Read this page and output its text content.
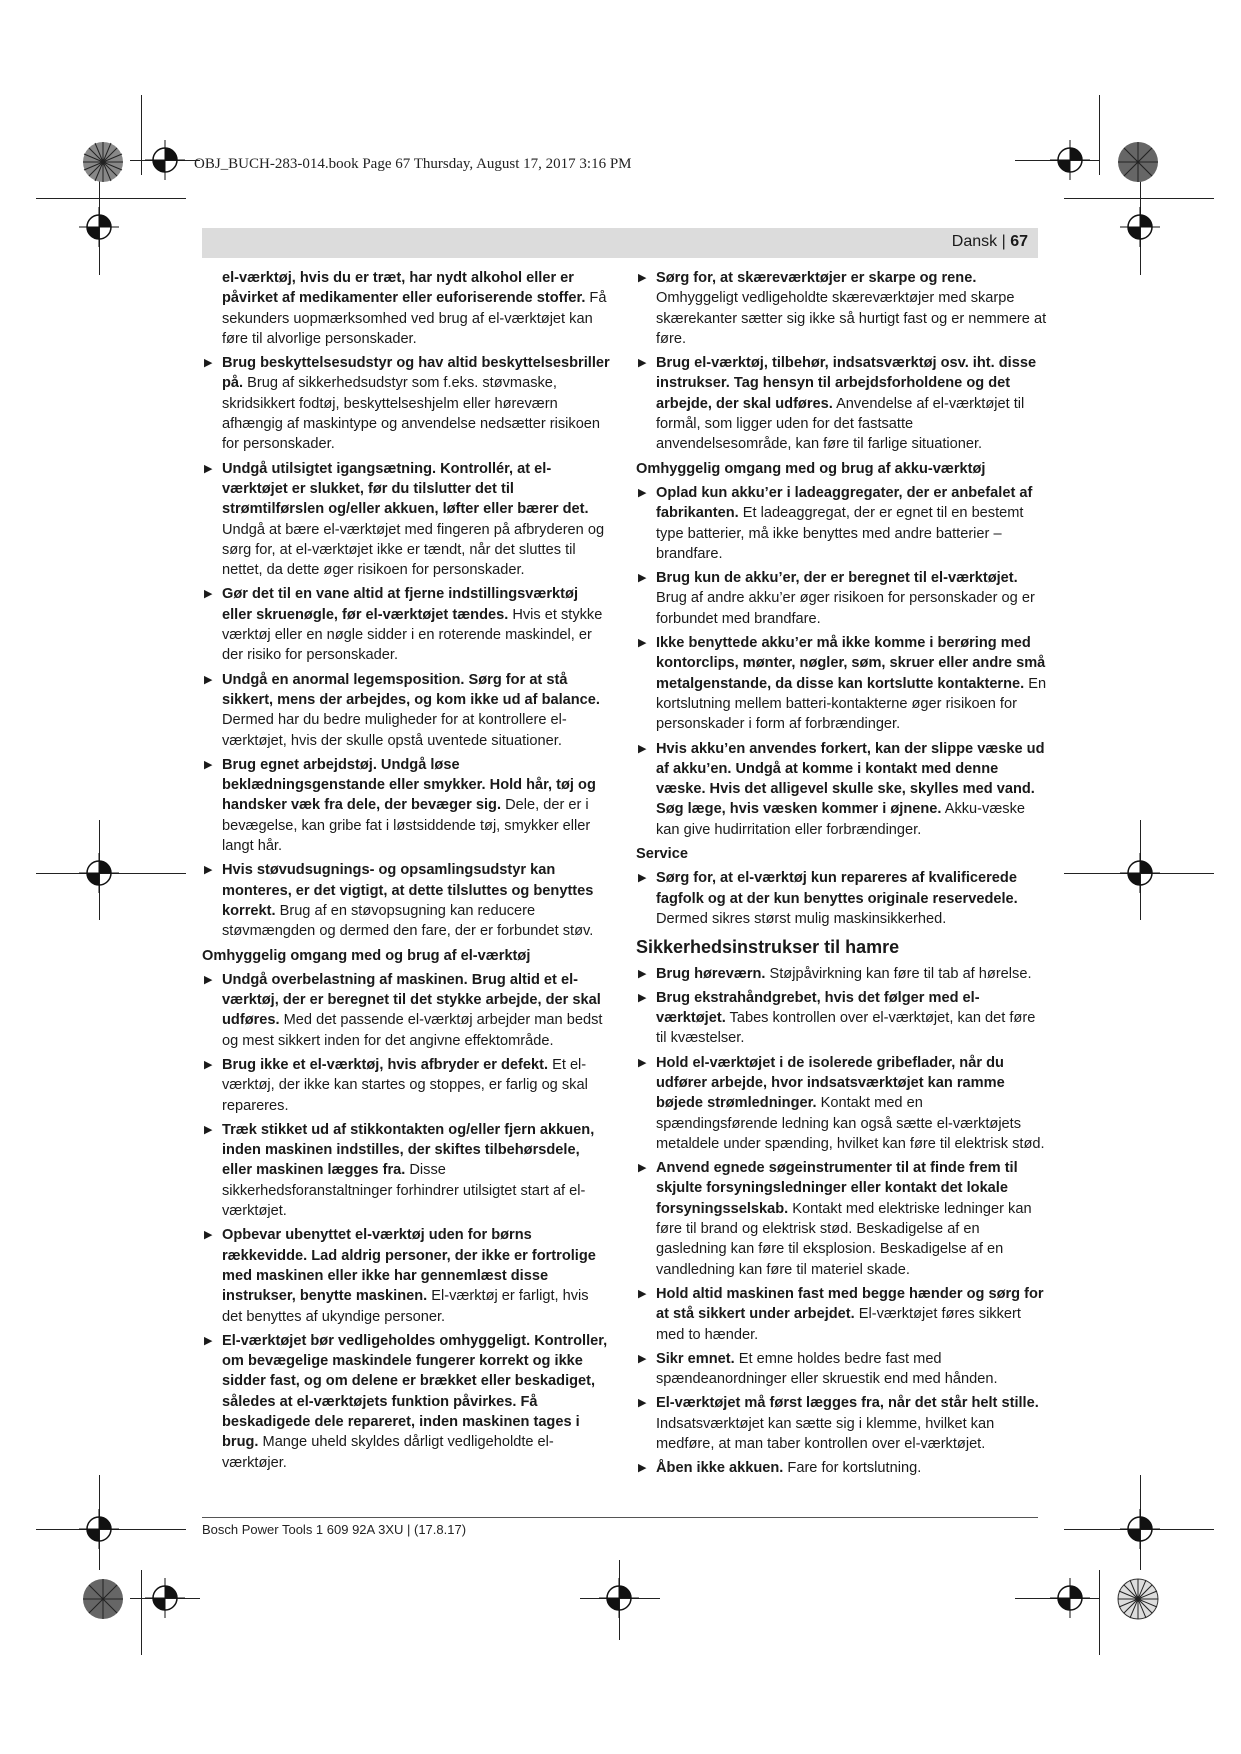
OBJ_BUCH-283-014.book Page 67 Thursday, August 17, 2017 3:16 PM
Dansk | 67
el-værktøj, hvis du er træt, har nydt alkohol eller er påvirket af medikamenter eller euforiserende stoffer. Få sekunders uopmærksomhed ved brug af el-værktøjet kan føre til alvorlige personskader.
▶ Brug beskyttelsesudstyr og hav altid beskyttelsesbriller på. Brug af sikkerhedsudstyr som f.eks. støvmaske, skridsikkert fodtøj, beskyttelseshjelm eller høreværn afhængig af maskintype og anvendelse nedsætter risikoen for personskader.
▶ Undgå utilsigtet igangsætning. Kontrollér, at el-værktøjet er slukket, før du tilslutter det til strømtilførslen og/eller akkuen, løfter eller bærer det. Undgå at bære el-værktøjet med fingeren på afbryderen og sørg for, at el-værktøjet ikke er tændt, når det sluttes til nettet, da dette øger risikoen for personskader.
▶ Gør det til en vane altid at fjerne indstillingsværktøj eller skruenøgle, før el-værktøjet tændes. Hvis et stykke værktøj eller en nøgle sidder i en roterende maskindel, er der risiko for personskader.
▶ Undgå en anormal legemsposition. Sørg for at stå sikkert, mens der arbejdes, og kom ikke ud af balance. Dermed har du bedre muligheder for at kontrollere el-værktøjet, hvis der skulle opstå uventede situationer.
▶ Brug egnet arbejdstøj. Undgå løse beklædningsgenstande eller smykker. Hold hår, tøj og handsker væk fra dele, der bevæger sig. Dele, der er i bevægelse, kan gribe fat i løstsiddende tøj, smykker eller langt hår.
▶ Hvis støvudsugnings- og opsamlingsudstyr kan monteres, er det vigtigt, at dette tilsluttes og benyttes korrekt. Brug af en støvopsugning kan reducere støvmængden og dermed den fare, der er forbundet støv.
Omhyggelig omgang med og brug af el-værktøj
▶ Undgå overbelastning af maskinen. Brug altid et el-værktøj, der er beregnet til det stykke arbejde, der skal udføres. Med det passende el-værktøj arbejder man bedst og mest sikkert inden for det angivne effektområde.
▶ Brug ikke et el-værktøj, hvis afbryder er defekt. Et el-værktøj, der ikke kan startes og stoppes, er farlig og skal repareres.
▶ Træk stikket ud af stikkontakten og/eller fjern akkuen, inden maskinen indstilles, der skiftes tilbehørsdele, eller maskinen lægges fra. Disse sikkerhedsforanstaltninger forhindrer utilsigtet start af el-værktøjet.
▶ Opbevar ubenyttet el-værktøj uden for børns rækkevidde. Lad aldrig personer, der ikke er fortrolige med maskinen eller ikke har gennemlæst disse instrukser, benytte maskinen. El-værktøj er farligt, hvis det benyttes af ukyndige personer.
▶ El-værktøjet bør vedligeholdes omhyggeligt. Kontroller, om bevægelige maskindele fungerer korrekt og ikke sidder fast, og om delene er brækket eller beskadiget, således at el-værktøjets funktion påvirkes. Få beskadigede dele repareret, inden maskinen tages i brug. Mange uheld skyldes dårligt vedligeholdte el-værktøjer.
▶ Sørg for, at skæreværktøjer er skarpe og rene. Omhyggeligt vedligeholdte skæreværktøjer med skarpe skærekanter sætter sig ikke så hurtigt fast og er nemmere at føre.
▶ Brug el-værktøj, tilbehør, indsatsværktøj osv. iht. disse instrukser. Tag hensyn til arbejdsforholdene og det arbejde, der skal udføres. Anvendelse af el-værktøjet til formål, som ligger uden for det fastsatte anvendelsesområde, kan føre til farlige situationer.
Omhyggelig omgang med og brug af akku-værktøj
▶ Oplad kun akku’er i ladeaggregater, der er anbefalet af fabrikanten. Et ladeaggregat, der er egnet til en bestemt type batterier, må ikke benyttes med andre batterier – brandfare.
▶ Brug kun de akku’er, der er beregnet til el-værktøjet. Brug af andre akku’er øger risikoen for personskader og er forbundet med brandfare.
▶ Ikke benyttede akku’er må ikke komme i berøring med kontorclips, mønter, nøgler, søm, skruer eller andre små metalgenstande, da disse kan kortslutte kontakterne. En kortslutning mellem batteri-kontakterne øger risikoen for personskader i form af forbrændinger.
▶ Hvis akku’en anvendes forkert, kan der slippe væske ud af akku’en. Undgå at komme i kontakt med denne væske. Hvis det alligevel skulle ske, skylles med vand. Søg læge, hvis væsken kommer i øjnene. Akku-væske kan give hudirritation eller forbrændinger.
Service
▶ Sørg for, at el-værktøj kun repareres af kvalificerede fagfolk og at der kun benyttes originale reservedele. Dermed sikres størst mulig maskinsikkerhed.
Sikkerhedsinstrukser til hamre
▶ Brug høreværn. Støjpåvirkning kan føre til tab af hørelse.
▶ Brug ekstrahåndgrebet, hvis det følger med el-værktøjet. Tabes kontrollen over el-værktøjet, kan det føre til kvæstelser.
▶ Hold el-værktøjet i de isolerede gribeflader, når du udfører arbejde, hvor indsatsværktøjet kan ramme bøjede strømledninger. Kontakt med en spændingsførende ledning kan også sætte el-værktøjets metaldele under spænding, hvilket kan føre til elektrisk stød.
▶ Anvend egnede søgeinstrumenter til at finde frem til skjulte forsyningsledninger eller kontakt det lokale forsyningsselskab. Kontakt med elektriske ledninger kan føre til brand og elektrisk stød. Beskadigelse af en gasledning kan føre til eksplosion. Beskadigelse af en vandledning kan føre til materiel skade.
▶ Hold altid maskinen fast med begge hænder og sørg for at stå sikkert under arbejdet. El-værktøjet føres sikkert med to hænder.
▶ Sikr emnet. Et emne holdes bedre fast med spændeanordninger eller skruestik end med hånden.
▶ El-værktøjet må først lægges fra, når det står helt stille. Indsatsværktøjet kan sætte sig i klemme, hvilket kan medføre, at man taber kontrollen over el-værktøjet.
▶ Åben ikke akkuen. Fare for kortslutning.
Bosch Power Tools 1 609 92A 3XU | (17.8.17)
